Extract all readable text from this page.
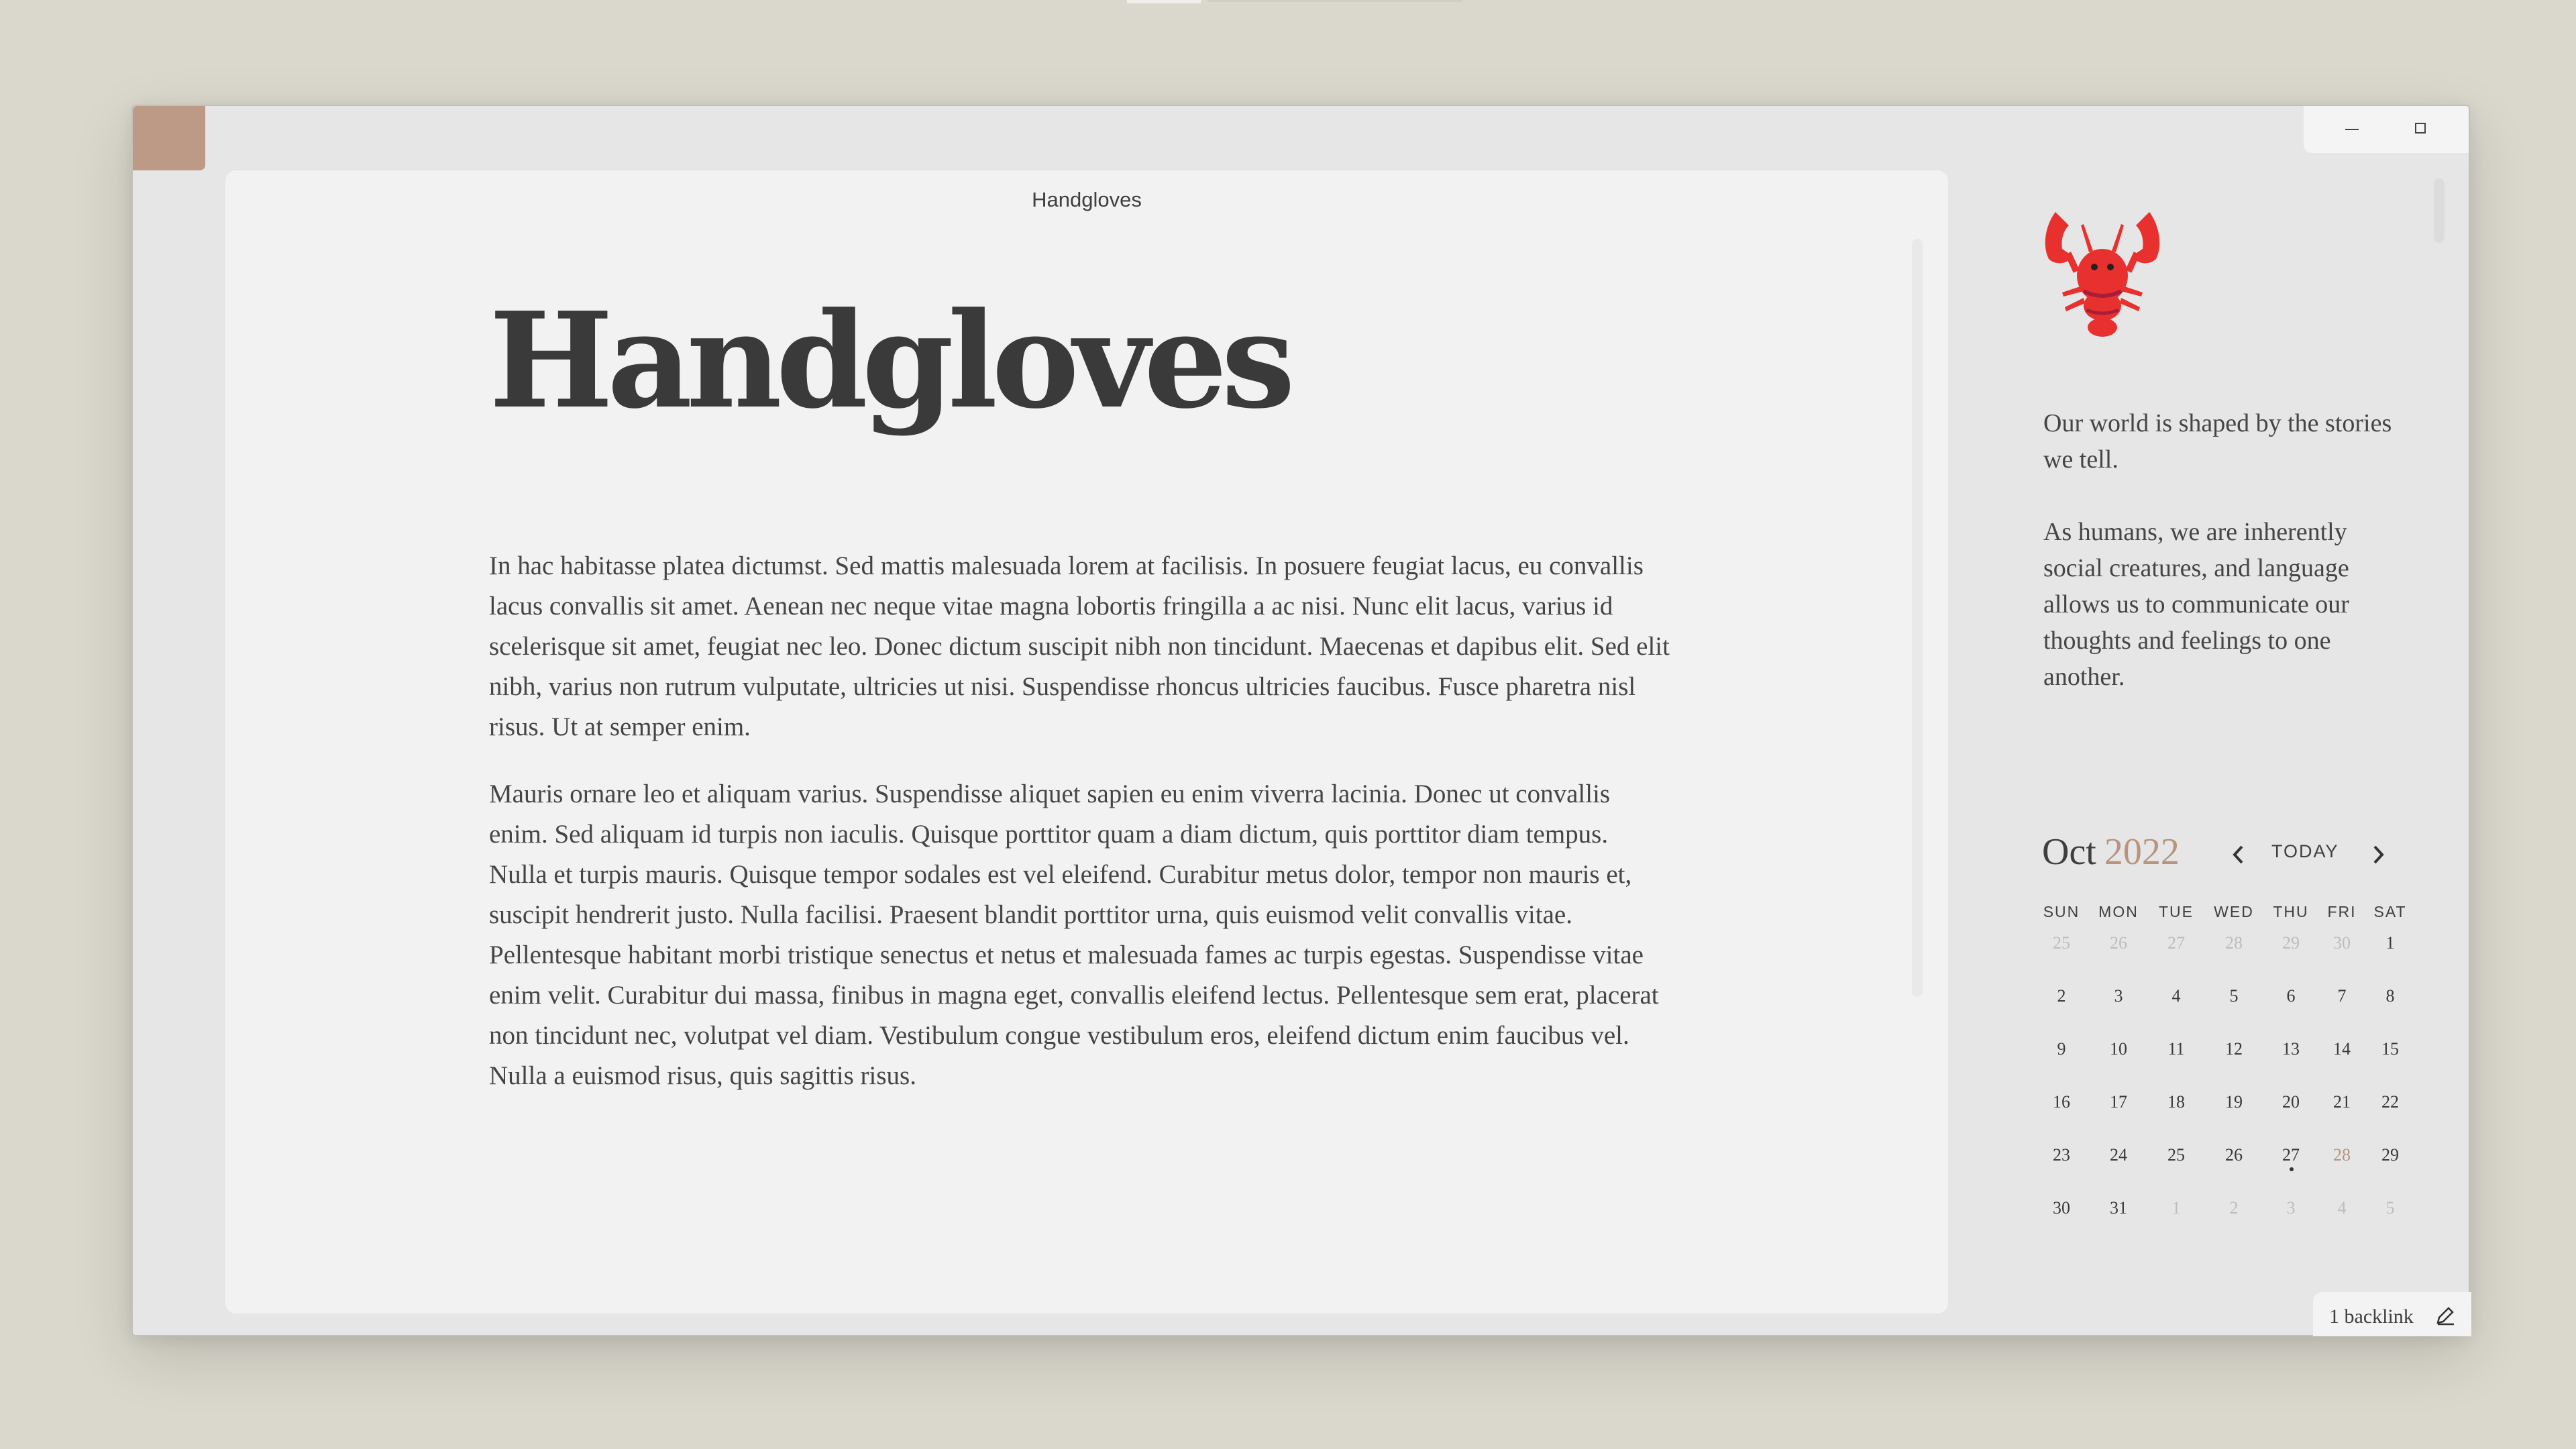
Handgloves
Handgloves

In hac habitasse platea dictumst. Sed mattis malesuada lorem at facilisis. In posuere feugiat lacus, eu convallis lacus convallis sit amet. Aenean nec neque vitae magna lobortis fringilla a ac nisi. Nunc elit lacus, varius id scelerisque sit amet, feugiat nec leo. Donec dictum suscipit nibh non tincidunt. Maecenas et dapibus elit. Sed elit nibh, varius non rutrum vulputate, ultricies ut nisi. Suspendisse rhoncus ultricies faucibus. Fusce pharetra nisl risus. Ut at semper enim.

Mauris ornare leo et aliquam varius. Suspendisse aliquet sapien eu enim viverra lacinia. Donec ut convallis enim. Sed aliquam id turpis non iaculis. Quisque porttitor quam a diam dictum, quis porttitor diam tempus. Nulla et turpis mauris. Quisque tempor sodales est vel eleifend. Curabitur metus dolor, tempor non mauris et, suscipit hendrerit justo. Nulla facilisi. Praesent blandit porttitor urna, quis euismod velit convallis vitae. Pellentesque habitant morbi tristique senectus et netus et malesuada fames ac turpis egestas. Suspendisse vitae enim velit. Curabitur dui massa, finibus in magna eget, convallis eleifend lectus. Pellentesque sem erat, placerat non tincidunt nec, volutpat vel diam. Vestibulum congue vestibulum eros, eleifend dictum enim faucibus vel. Nulla a euismod risus, quis sagittis risus.

Our world is shaped by the stories we tell.

As humans, we are inherently social creatures, and language allows us to communicate our thoughts and feelings to one another.

Oct 2022	TODAY
SUN	MON	TUE	WED	THU	FRI	SAT
25	26	27	28	29	30	1
2	3	4	5	6	7	8
9	10	11	12	13	14	15
16	17	18	19	20	21	22
23	24	25	26	27	28	29
30	31	1	2	3	4	5
1 backlink
